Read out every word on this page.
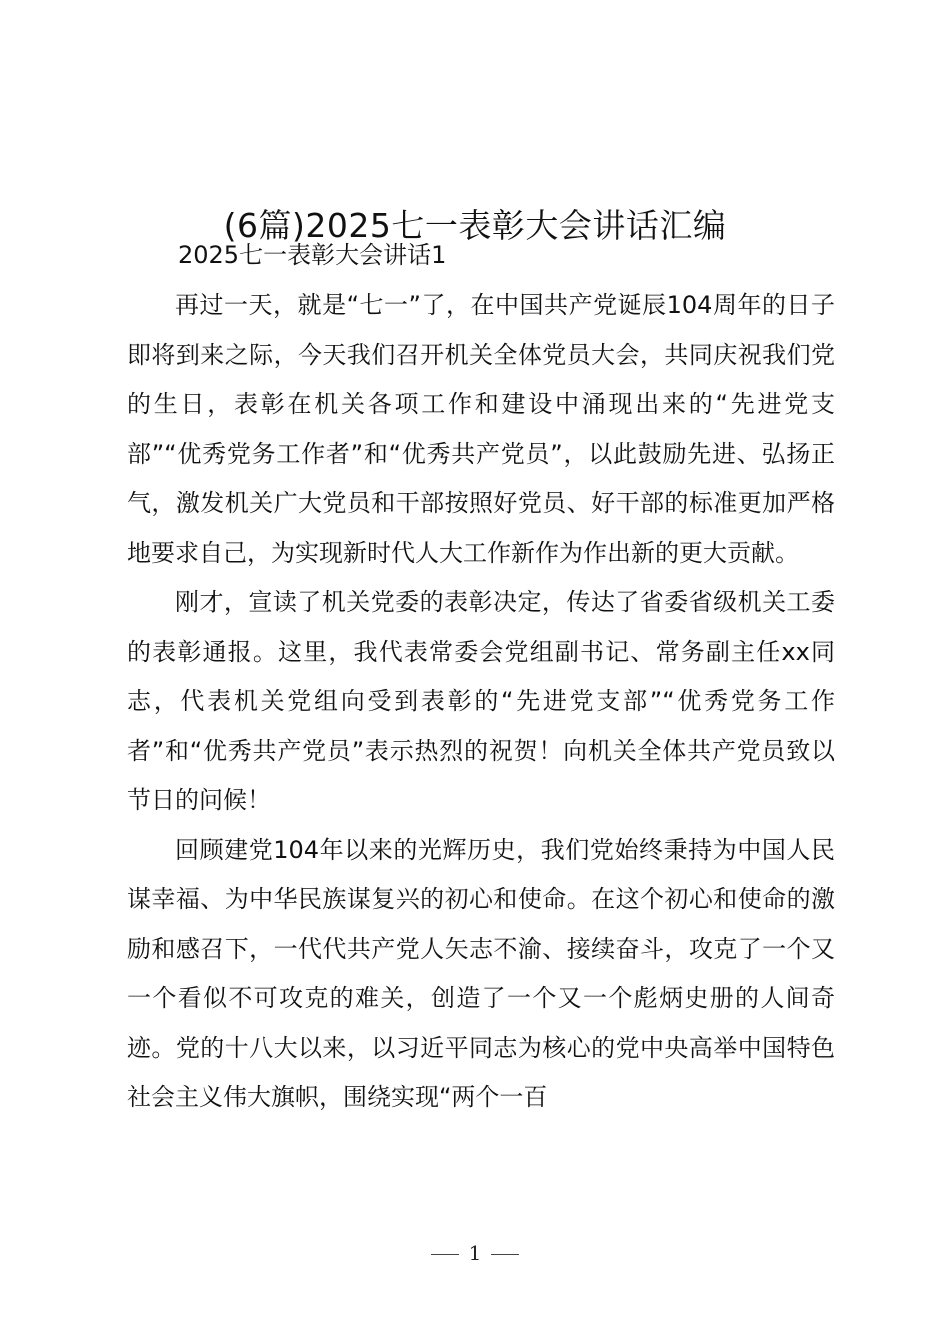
(6篇)2025七一表彰大会讲话汇编
2025七一表彰大会讲话1

再过一天，就是“七一”了，在中国共产党诞辰104周年的日子即将到来之际，今天我们召开机关全体党员大会，共同庆祝我们党的生日，表彰在机关各项工作和建设中涌现出来的“先进党支部”“优秀党务工作者”和“优秀共产党员”，以此鼓励先进、弘扬正气，激发机关广大党员和干部按照好党员、好干部的标准更加严格地要求自己，为实现新时代人大工作新作为作出新的更大贡献。

刚才，宣读了机关党委的表彰决定，传达了省委省级机关工委的表彰通报。这里，我代表常委会党组副书记、常务副主任xx同志，代表机关党组向受到表彰的“先进党支部”“优秀党务工作者”和“优秀共产党员”表示热烈的祝贺！向机关全体共产党员致以节日的问候！

回顾建党104年以来的光辉历史，我们党始终秉持为中国人民谋幸福、为中华民族谋复兴的初心和使命。在这个初心和使命的激励和感召下，一代代共产党人矢志不渝、接续奋斗，攻克了一个又一个看似不可攻克的难关，创造了一个又一个彪炳史册的人间奇迹。党的十八大以来，以习近平同志为核心的党中央高举中国特色社会主义伟大旗帜，围绕实现“两个一百

1
